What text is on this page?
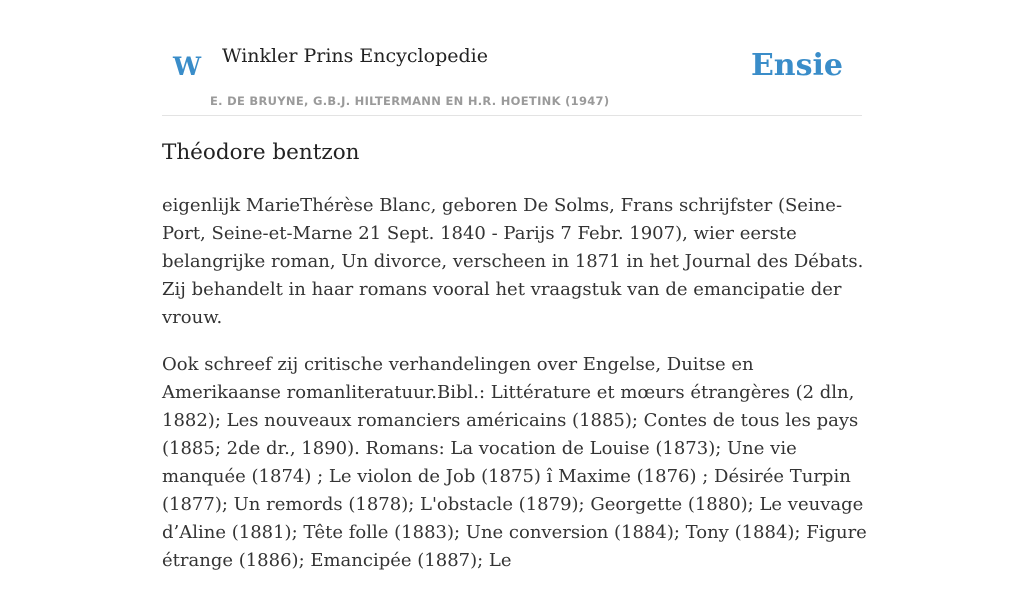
W Winkler Prins Encyclopedie
E. DE BRUYNE, G.B.J. HILTERMANN EN H.R. HOETINK (1947)
Ensie
Théodore bentzon

eigenlijk MarieThérèse Blanc, geboren De Solms, Frans schrijfster (Seine-Port, Seine-et-Marne 21 Sept. 1840 - Parijs 7 Febr. 1907), wier eerste belangrijke roman, Un divorce, verscheen in 1871 in het Journal des Débats. Zij behandelt in haar romans vooral het vraagstuk van de emancipatie der vrouw.

Ook schreef zij critische verhandelingen over Engelse, Duitse en Amerikaanse romanliteratuur.Bibl.: Littérature et mœurs étrangères (2 dln, 1882); Les nouveaux romanciers américains (1885); Contes de tous les pays (1885; 2de dr., 1890). Romans: La vocation de Louise (1873); Une vie manquée (1874) ; Le violon de Job (1875) î Maxime (1876) ; Désirée Turpin (1877); Un remords (1878); L'obstacle (1879); Georgette (1880); Le veuvage d’Aline (1881); Tête folle (1883); Une conversion (1884); Tony (1884); Figure étrange (1886); Emancipée (1887); Le
